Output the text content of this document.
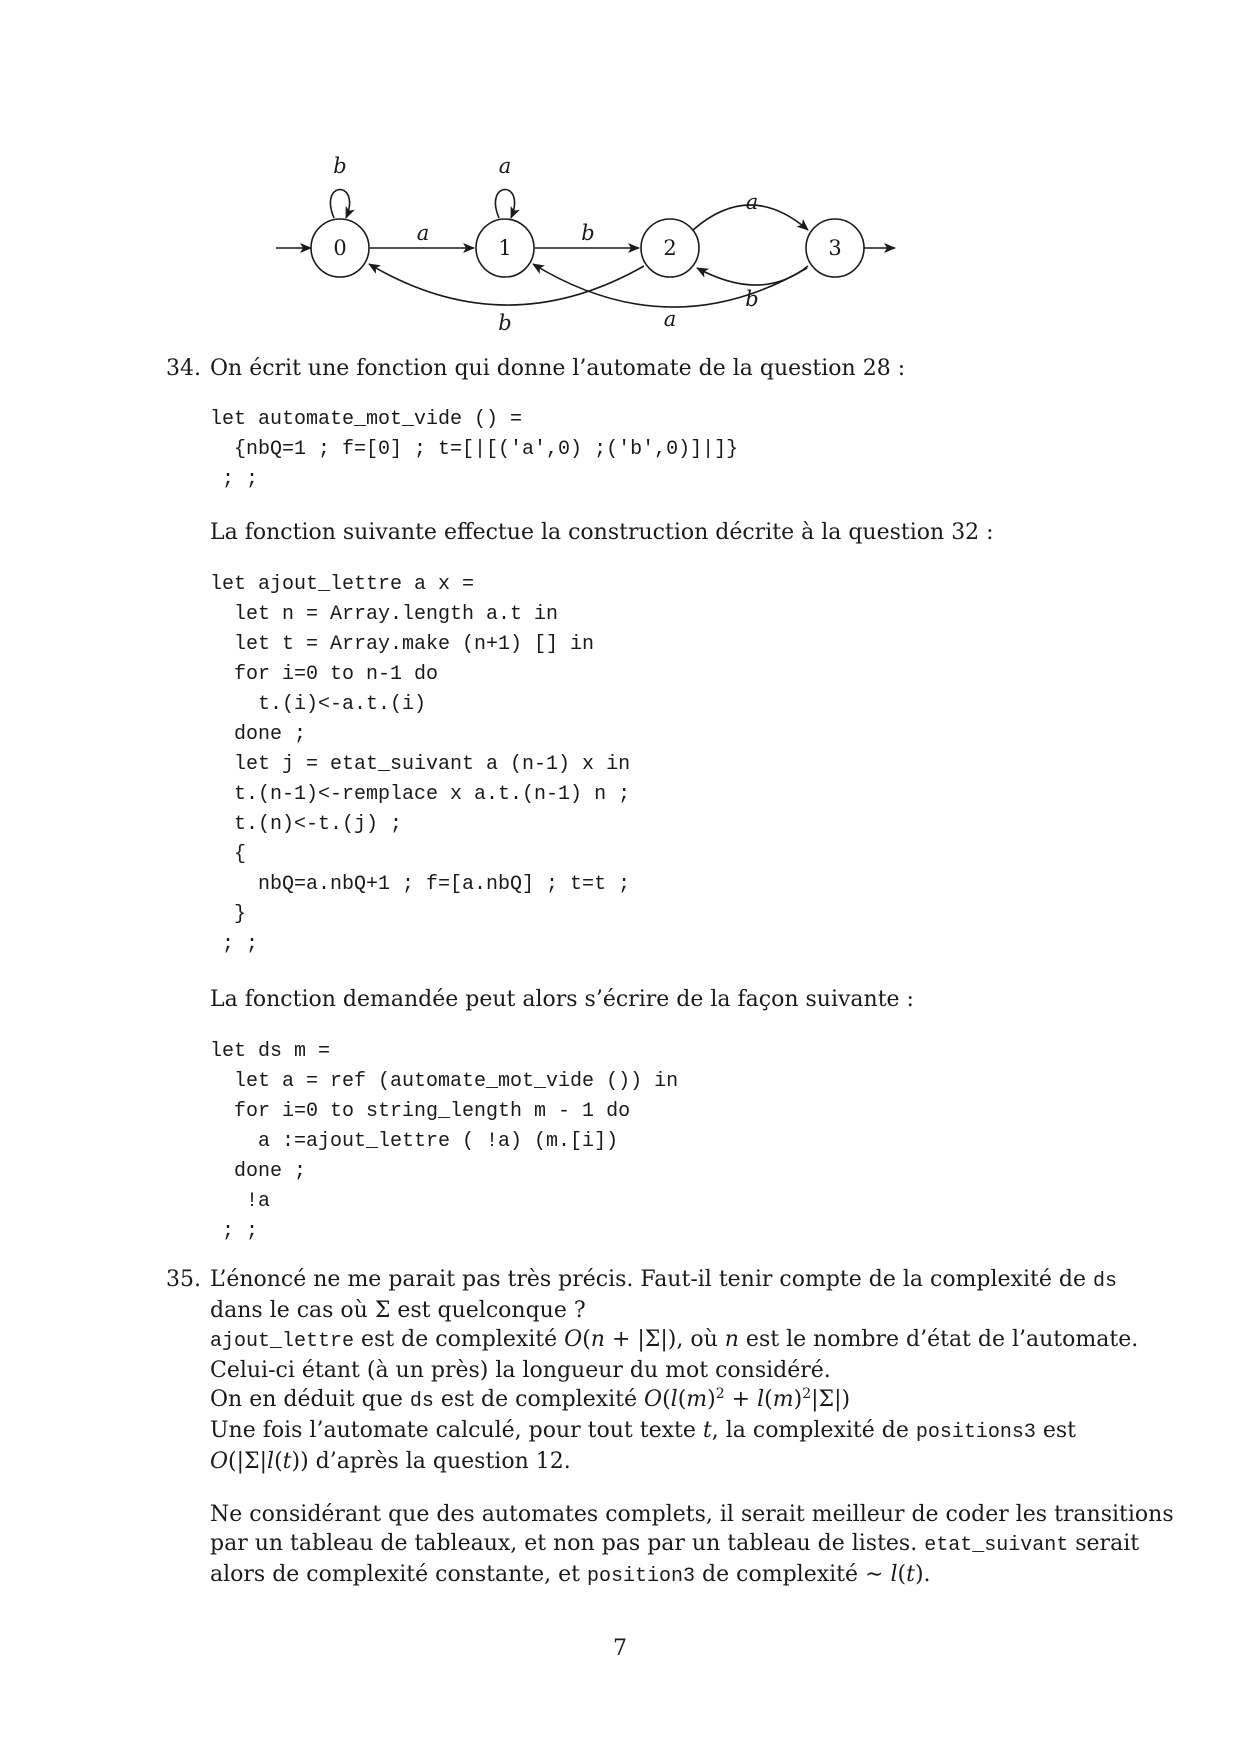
0	1	2	3
b
a
a
b
a
b
b	a
34. On écrit une fonction qui donne l’automate de la question 28 :
let automate_mot_vide () =
{nbQ=1 ; f=[0] ; t=[|[('a',0) ;('b',0)]|]}
; ;
La fonction suivante effectue la construction décrite à la question 32 :
let ajout_lettre a x =
let n = Array.length a.t in
let t = Array.make (n+1) [] in
for i=0 to n-1 do
t.(i)<-a.t.(i)
done ;
let j = etat_suivant a (n-1) x in
t.(n-1)<-remplace x a.t.(n-1) n ;
t.(n)<-t.(j) ;
{
nbQ=a.nbQ+1 ; f=[a.nbQ] ; t=t ;
}
; ;
La fonction demandée peut alors s’écrire de la façon suivante :
let ds m =
let a = ref (automate_mot_vide ()) in
for i=0 to string_length m - 1 do
a :=ajout_lettre ( !a) (m.[i])
done ;
!a
; ;
35. L’énoncé ne me parait pas très précis. Faut-il tenir compte de la complexité de ds
dans le cas où Σ est quelconque ?
ajout_lettre est de complexité O(n + |Σ|), où n est le nombre d’état de l’automate.
Celui-ci étant (à un près) la longueur du mot considéré.
On en déduit que ds est de complexité $O(l(m)^2 + l(m)^2|\Sigma|)$
Une fois l’automate calculé, pour tout texte t, la complexité de positions3 est
O(|Σ|l(t)) d’après la question 12.
Ne considérant que des automates complets, il serait meilleur de coder les transitions
par un tableau de tableaux, et non pas par un tableau de listes. etat_suivant serait
alors de complexité constante, et position3 de complexité ∼ l(t).
7
